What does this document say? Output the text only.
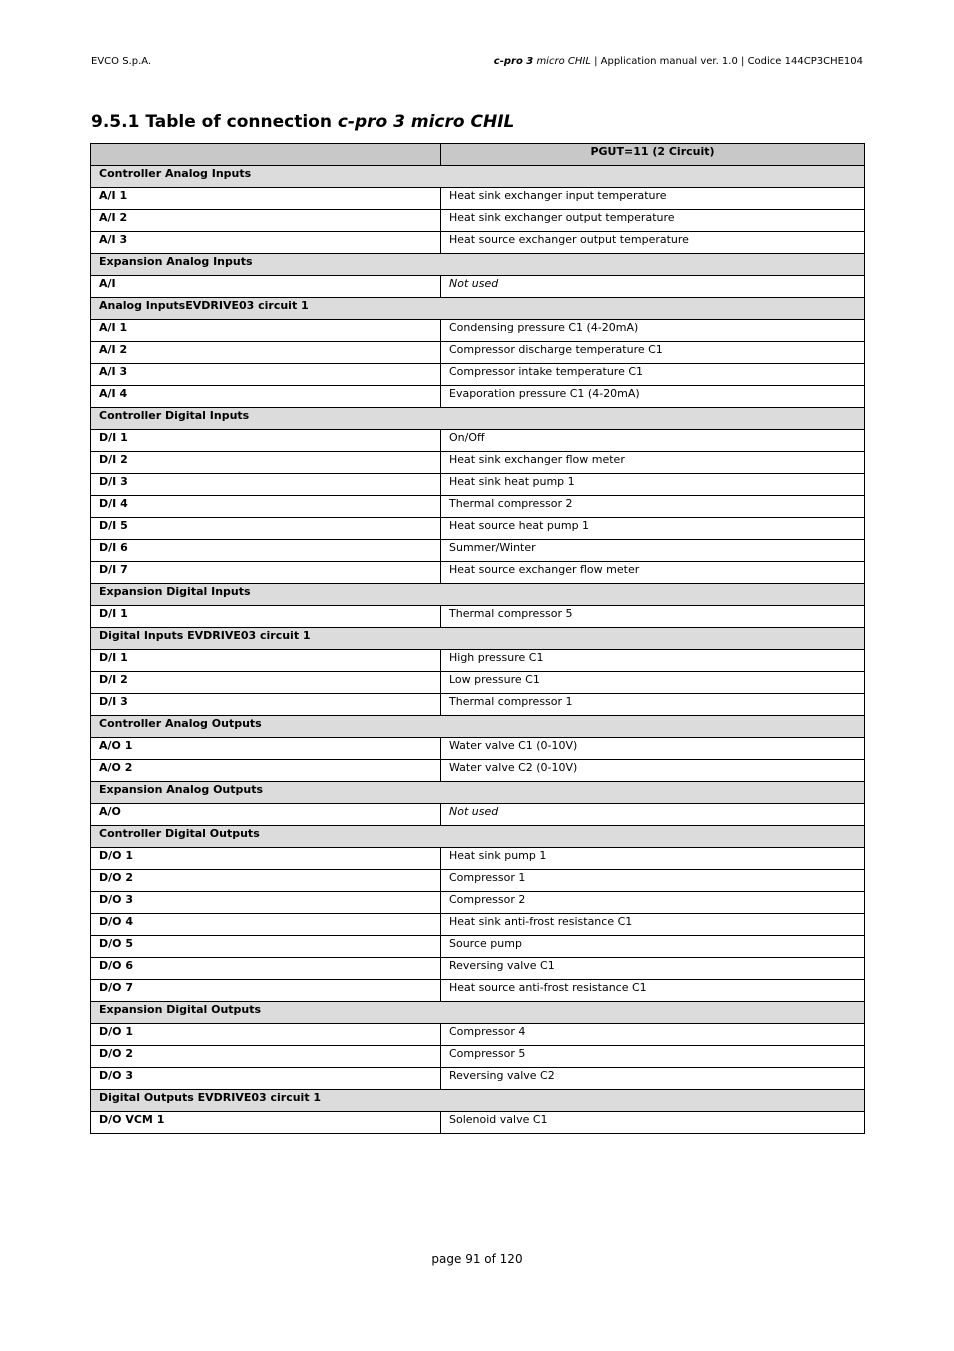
EVCO S.p.A.	c-pro 3 micro CHIL | Application manual ver. 1.0 | Codice 144CP3CHE104
9.5.1 Table of connection c-pro 3 micro CHIL
	PGUT=11 (2 Circuit)
Controller Analog Inputs	
A/I 1	Heat sink exchanger input temperature
A/I 2	Heat sink exchanger output temperature
A/I 3	Heat source exchanger output temperature
Expansion Analog Inputs	
A/I	Not used
Analog InputsEVDRIVE03 circuit 1	
A/I 1	Condensing pressure C1 (4-20mA)
A/I 2	Compressor discharge temperature C1
A/I 3	Compressor intake temperature C1
A/I 4	Evaporation pressure C1 (4-20mA)
Controller Digital Inputs	
D/I 1	On/Off
D/I 2	Heat sink exchanger flow meter
D/I 3	Heat sink heat pump 1
D/I 4	Thermal compressor 2
D/I 5	Heat source heat pump 1
D/I 6	Summer/Winter
D/I 7	Heat source exchanger flow meter
Expansion Digital Inputs	
D/I 1	Thermal compressor 5
Digital Inputs EVDRIVE03 circuit 1	
D/I 1	High pressure C1
D/I 2	Low pressure C1
D/I 3	Thermal compressor 1
Controller Analog Outputs	
A/O 1	Water valve C1 (0-10V)
A/O 2	Water valve C2 (0-10V)
Expansion Analog Outputs	
A/O	Not used
Controller Digital Outputs	
D/O 1	Heat sink pump 1
D/O 2	Compressor 1
D/O 3	Compressor 2
D/O 4	Heat sink anti-frost resistance C1
D/O 5	Source pump
D/O 6	Reversing valve C1
D/O 7	Heat source anti-frost resistance C1
Expansion Digital Outputs	
D/O 1	Compressor 4
D/O 2	Compressor 5
D/O 3	Reversing valve C2
Digital Outputs EVDRIVE03 circuit 1	
D/O VCM 1	Solenoid valve C1
page 91 of 120
